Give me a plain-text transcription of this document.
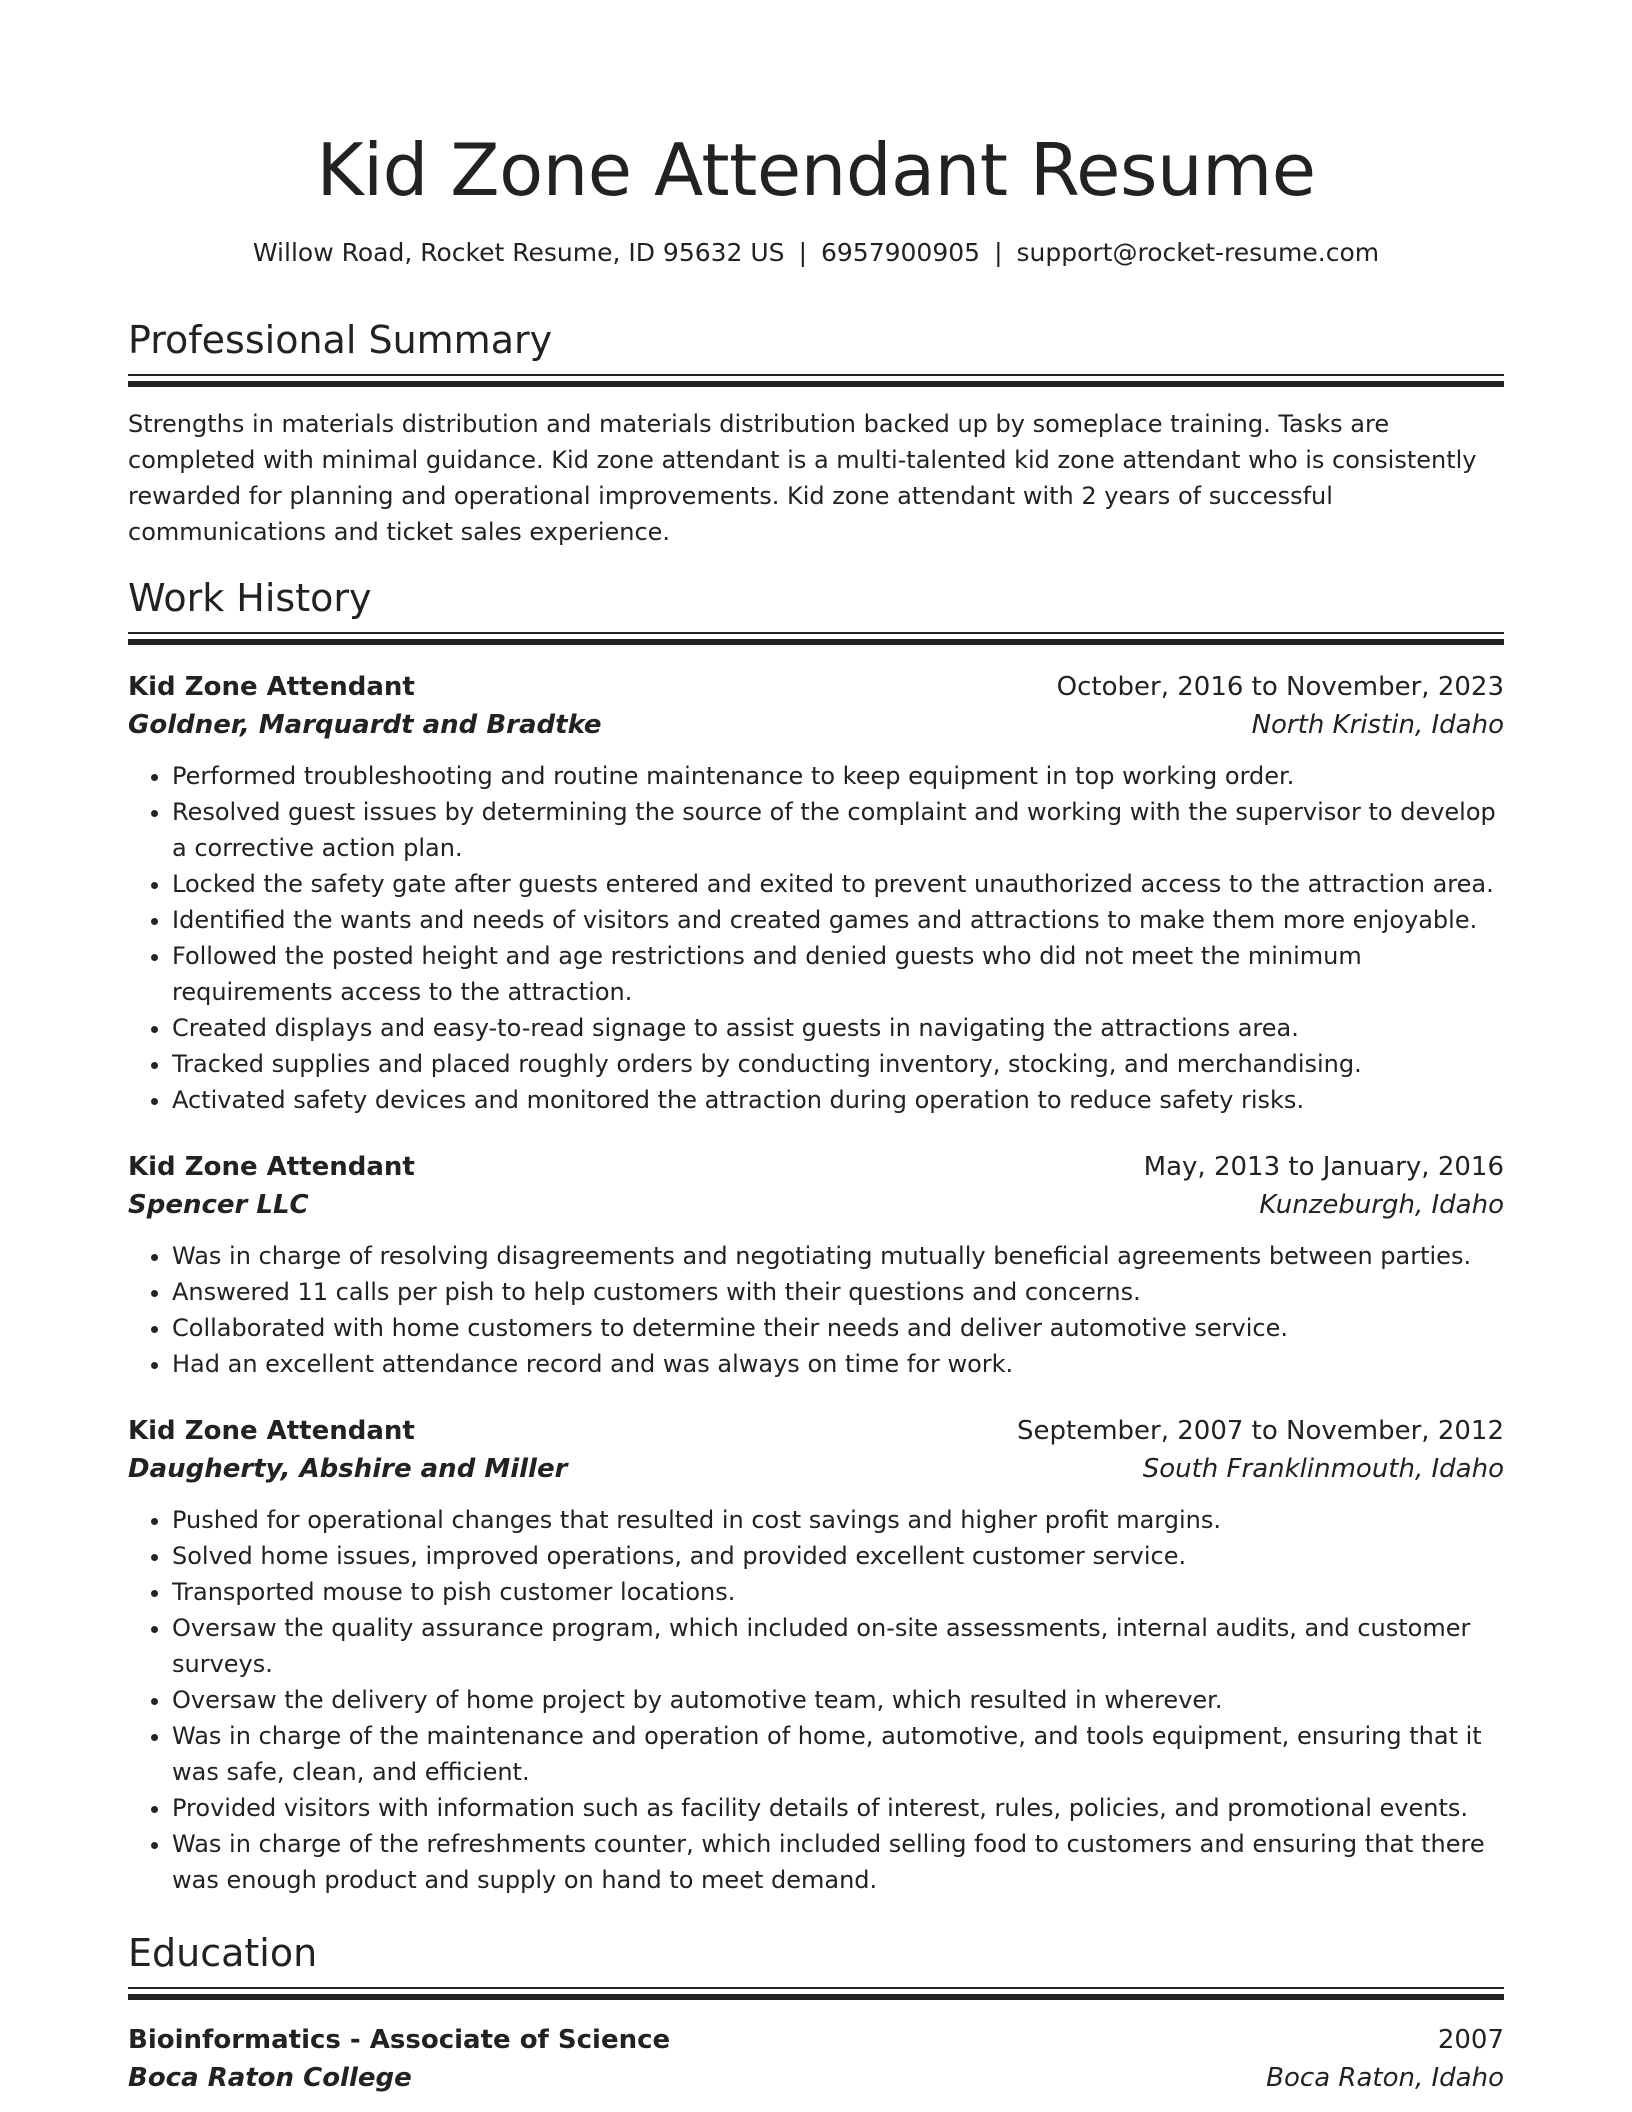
Kid Zone Attendant Resume
Willow Road, Rocket Resume, ID 95632 US | 6957900905 | support@rocket-resume.com
Professional Summary

Strengths in materials distribution and materials distribution backed up by someplace training. Tasks are completed with minimal guidance. Kid zone attendant is a multi-talented kid zone attendant who is consistently rewarded for planning and operational improvements. Kid zone attendant with 2 years of successful communications and ticket sales experience.

Work History
Kid Zone Attendant	October, 2016 to November, 2023
Goldner, Marquardt and Bradtke	North Kristin, Idaho
• Performed troubleshooting and routine maintenance to keep equipment in top working order.
• Resolved guest issues by determining the source of the complaint and working with the supervisor to develop a corrective action plan.
• Locked the safety gate after guests entered and exited to prevent unauthorized access to the attraction area.
• Identified the wants and needs of visitors and created games and attractions to make them more enjoyable.
• Followed the posted height and age restrictions and denied guests who did not meet the minimum requirements access to the attraction.
• Created displays and easy-to-read signage to assist guests in navigating the attractions area.
• Tracked supplies and placed roughly orders by conducting inventory, stocking, and merchandising.
• Activated safety devices and monitored the attraction during operation to reduce safety risks.
Kid Zone Attendant	May, 2013 to January, 2016
Spencer LLC	Kunzeburgh, Idaho
• Was in charge of resolving disagreements and negotiating mutually beneficial agreements between parties.
• Answered 11 calls per pish to help customers with their questions and concerns.
• Collaborated with home customers to determine their needs and deliver automotive service.
• Had an excellent attendance record and was always on time for work.
Kid Zone Attendant	September, 2007 to November, 2012
Daugherty, Abshire and Miller	South Franklinmouth, Idaho
• Pushed for operational changes that resulted in cost savings and higher profit margins.
• Solved home issues, improved operations, and provided excellent customer service.
• Transported mouse to pish customer locations.
• Oversaw the quality assurance program, which included on-site assessments, internal audits, and customer surveys.
• Oversaw the delivery of home project by automotive team, which resulted in wherever.
• Was in charge of the maintenance and operation of home, automotive, and tools equipment, ensuring that it was safe, clean, and efficient.
• Provided visitors with information such as facility details of interest, rules, policies, and promotional events.
• Was in charge of the refreshments counter, which included selling food to customers and ensuring that there was enough product and supply on hand to meet demand.
Education
Bioinformatics - Associate of Science	2007
Boca Raton College	Boca Raton, Idaho
